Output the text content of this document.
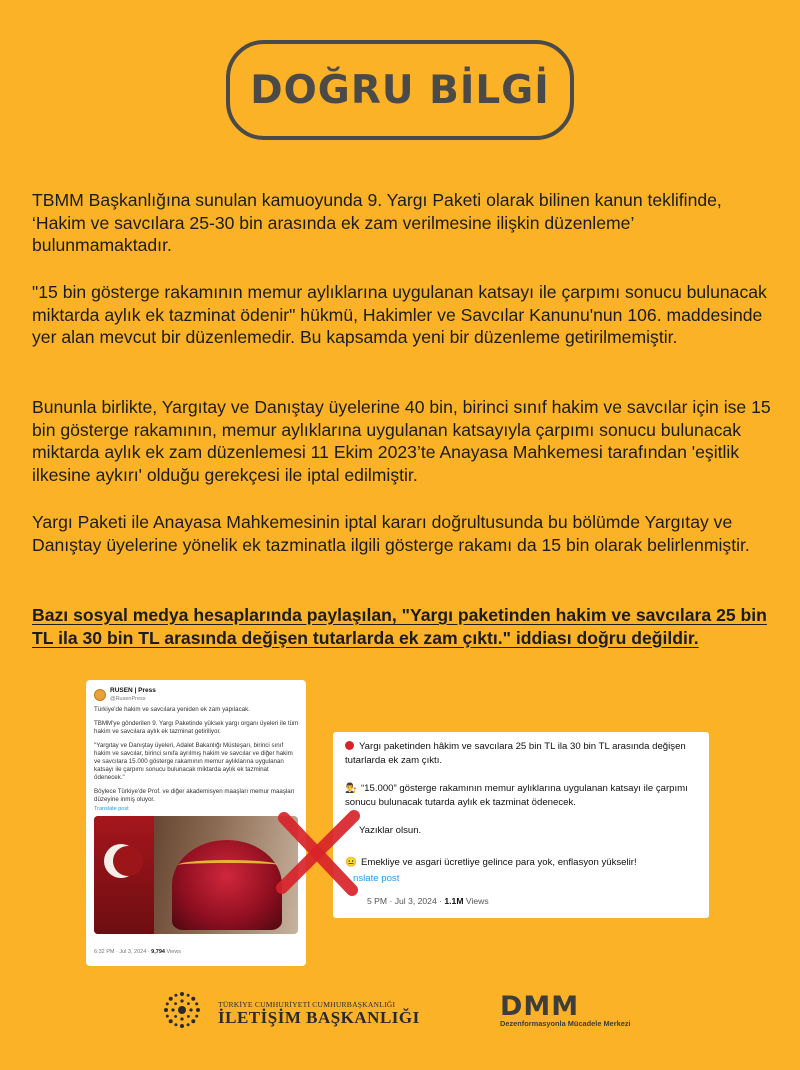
DOĞRU BİLGİ
TBMM Başkanlığına sunulan kamuoyunda 9. Yargı Paketi olarak bilinen kanun teklifinde, ‘Hakim ve savcılara 25-30 bin arasında ek zam verilmesine ilişkin düzenleme’ bulunmamaktadır.
"15 bin gösterge rakamının memur aylıklarına uygulanan katsayı ile çarpımı sonucu bulunacak miktarda aylık ek tazminat ödenir" hükmü, Hakimler ve Savcılar Kanunu'nun 106. maddesinde yer alan mevcut bir düzenlemedir. Bu kapsamda yeni bir düzenleme getirilmemiştir.
Bununla birlikte, Yargıtay ve Danıştay üyelerine 40 bin, birinci sınıf hakim ve savcılar için ise 15 bin gösterge rakamının, memur aylıklarına uygulanan katsayıyla çarpımı sonucu bulunacak miktarda aylık ek zam düzenlemesi 11 Ekim 2023’te Anayasa Mahkemesi tarafından 'eşitlik ilkesine aykırı' olduğu gerekçesi ile iptal edilmiştir.
Yargı Paketi ile Anayasa Mahkemesinin iptal kararı doğrultusunda bu bölümde Yargıtay ve Danıştay üyelerine yönelik ek tazminatla ilgili gösterge rakamı da 15 bin olarak belirlenmiştir.
Bazı sosyal medya hesaplarında paylaşılan, "Yargı paketinden hakim ve savcılara 25 bin TL ila 30 bin TL arasında değişen tutarlarda ek zam çıktı." iddiası doğru değildir.
RUSEN | Press
@RusenPress

Türkiye'de hakim ve savcılara yeniden ek zam yapılacak.

TBMM'ye gönderilen 9. Yargı Paketinde yüksek yargı organı üyeleri ile tüm hakim ve savcılara aylık ek tazminat getiriliyor.

"Yargıtay ve Danıştay üyeleri, Adalet Bakanlığı Müsteşarı, birinci sınıf hakim ve savcılar, birinci sınıfa ayrılmış hakim ve savcılar ve diğer hakim ve savcılara 15.000 gösterge rakamının memur aylıklarına uygulanan katsayı ile çarpımı sonucu bulunacak miktarda aylık ek tazminat ödenecek."

Böylece Türkiye'de Prof. ve diğer akademisyen maaşları memur maaşları düzeyine inmiş oluyor.

Translate post
6:32 PM · Jul 3, 2024 · 9,794 Views
Yargı paketinden hâkim ve savcılara 25 bin TL ila 30 bin TL arasında değişen tutarlarda ek zam çıktı.
👨‍⚖️ “15.000” gösterge rakamının memur aylıklarına uygulanan katsayı ile çarpımı sonucu bulunacak tutarda aylık ek tazminat ödenecek.
Yazıklar olsun.
😐 Emekliye ve asgari ücretliye gelince para yok, enflasyon yükselir!
nslate post
5 PM · Jul 3, 2024 · 1.1M Views
TÜRKİYE CUMHURİYETİ CUMHURBAŞKANLIĞI
İLETİŞİM BAŞKANLIĞI	DMM
Dezenformasyonla Mücadele Merkezi
